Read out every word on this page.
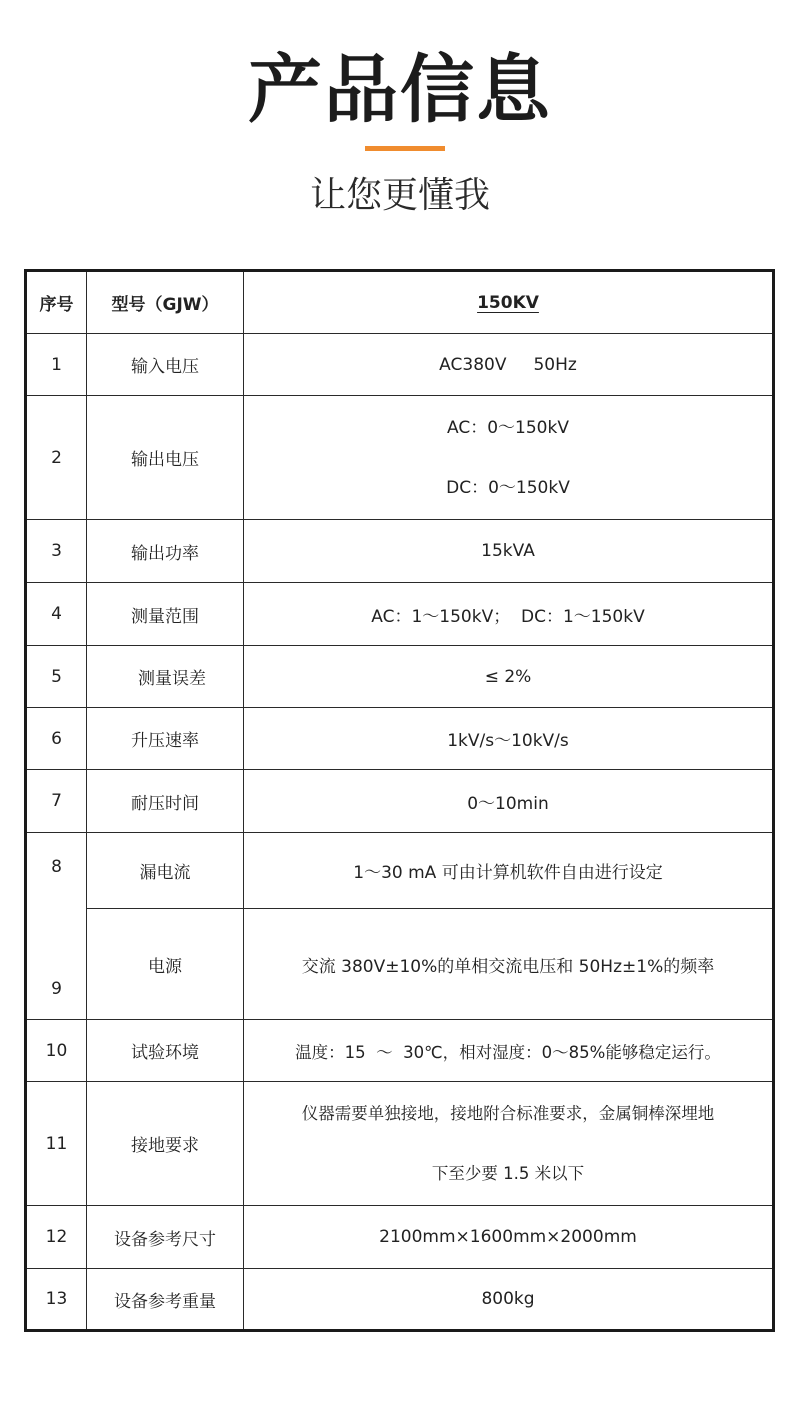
产品信息
让您更懂我
序号	型号（GJW）	150KV
1	输入电压	AC380V     50Hz
2	输出电压	AC：0～150kV
DC：0～150kV

3	输出功率	15kVA
4	测量范围	AC：1～150kV；  DC：1～150kV
5	测量误差	≤ 2%
6	升压速率	1kV/s～10kV/s
7	耐压时间	0～10min
8	漏电流	1～30 mA 可由计算机软件自由进行设定
9	电源	交流 380V±10%的单相交流电压和 50Hz±1%的频率
10	试验环境	温度：15  ～  30℃，相对湿度：0～85%能够稳定运行。
11	接地要求	仪器需要单独接地，接地附合标准要求，金属铜棒深埋地
下至少要 1.5 米以下

12	设备参考尺寸	2100mm×1600mm×2000mm
13	设备参考重量	800kg
